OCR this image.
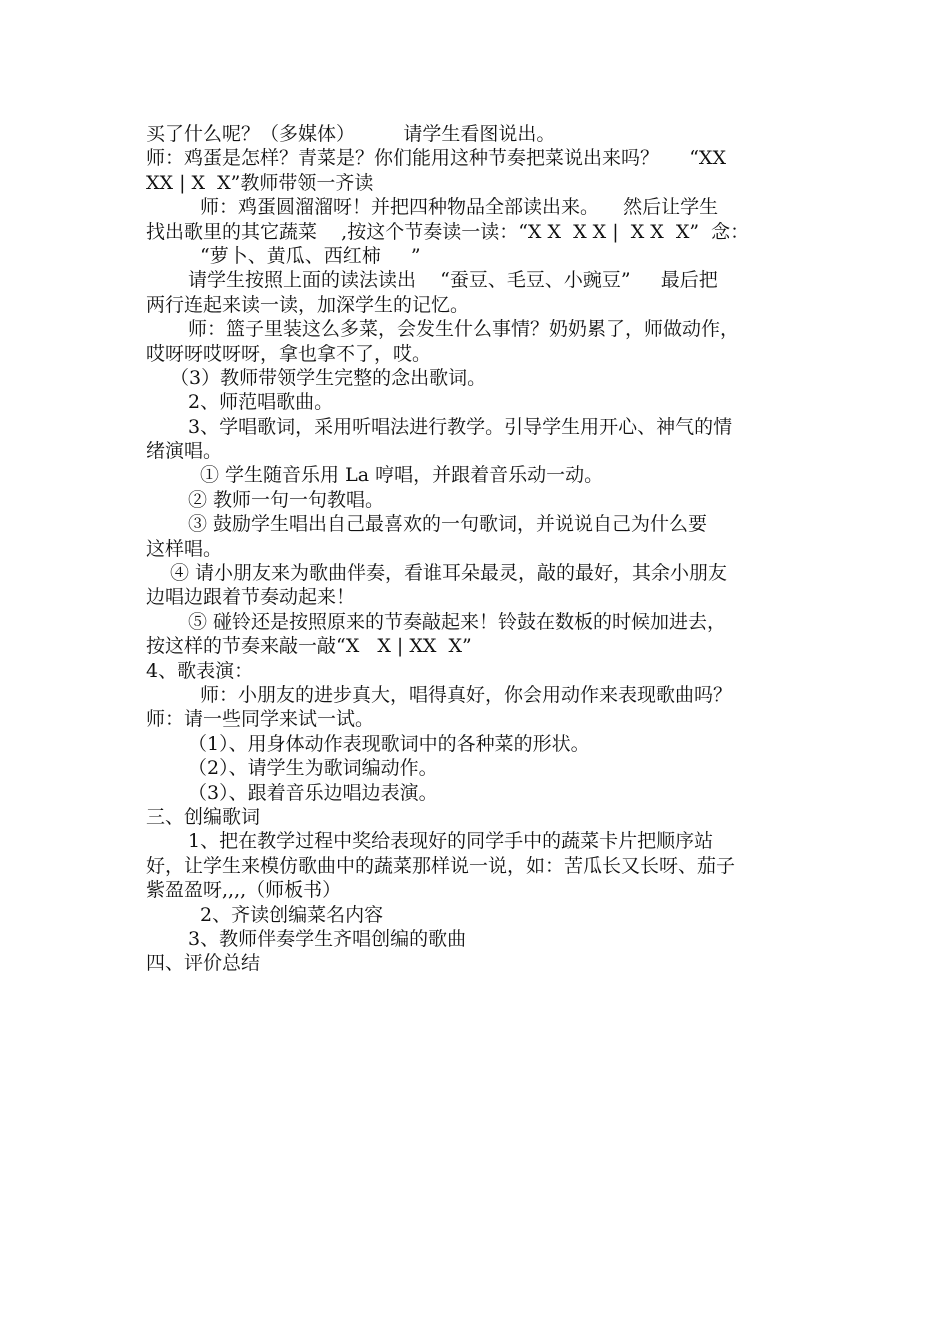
买了什么呢？（多媒体）        请学生看图说出。
师：鸡蛋是怎样？青菜是？你们能用这种节奏把菜说出来吗？     “XX
XX | X  X”教师带领一齐读
师：鸡蛋圆溜溜呀！并把四种物品全部读出来。    然后让学生
找出歌里的其它蔬菜    ,按这个节奏读一读：“X X  X X |  X X  X”  念：
“萝卜、黄瓜、西红柿     ”
请学生按照上面的读法读出    “蚕豆、毛豆、小豌豆”     最后把
两行连起来读一读，加深学生的记忆。
师：篮子里装这么多菜，会发生什么事情？奶奶累了，师做动作，
哎呀呀哎呀呀，拿也拿不了，哎。
（3）教师带领学生完整的念出歌词。
2、师范唱歌曲。
3、学唱歌词，采用听唱法进行教学。引导学生用开心、神气的情
绪演唱。
① 学生随音乐用 La 哼唱，并跟着音乐动一动。
② 教师一句一句教唱。
③ 鼓励学生唱出自己最喜欢的一句歌词，并说说自己为什么要
这样唱。
④ 请小朋友来为歌曲伴奏，看谁耳朵最灵，敲的最好，其余小朋友
边唱边跟着节奏动起来！
⑤ 碰铃还是按照原来的节奏敲起来！铃鼓在数板的时候加进去，
按这样的节奏来敲一敲“X   X | XX  X”
4、歌表演：
师：小朋友的进步真大，唱得真好，你会用动作来表现歌曲吗？
师：请一些同学来试一试。
（1）、用身体动作表现歌词中的各种菜的形状。
（2）、请学生为歌词编动作。
（3）、跟着音乐边唱边表演。
三、创编歌词
1、把在教学过程中奖给表现好的同学手中的蔬菜卡片把顺序站
好，让学生来模仿歌曲中的蔬菜那样说一说，如：苦瓜长又长呀、茄子
紫盈盈呀,,,,（师板书）
2、齐读创编菜名内容
3、教师伴奏学生齐唱创编的歌曲
四、评价总结
